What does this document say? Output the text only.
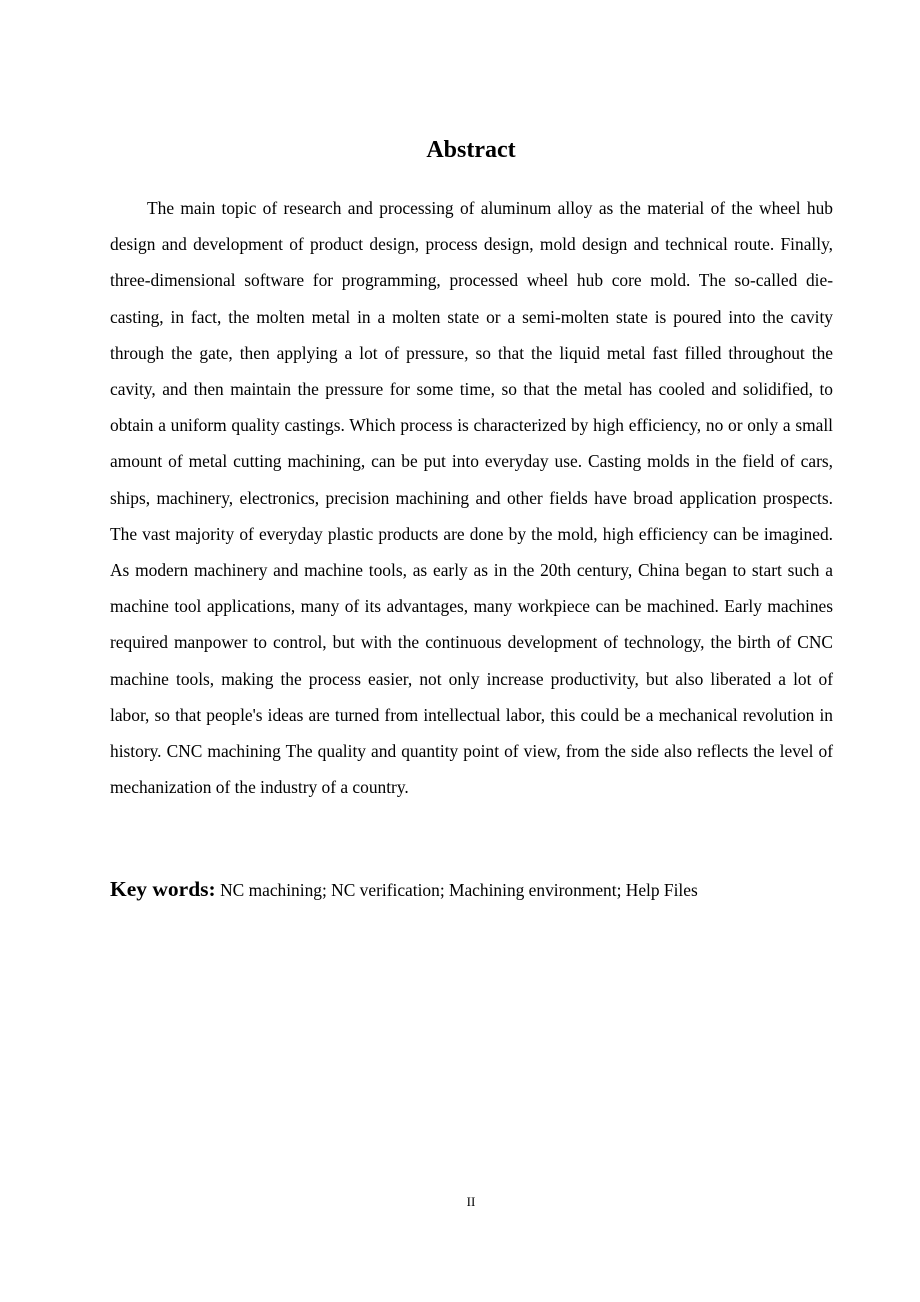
Abstract

The main topic of research and processing of aluminum alloy as the material of the wheel hub design and development of product design, process design, mold design and technical route. Finally, three-dimensional software for programming, processed wheel hub core mold. The so-called die-casting, in fact, the molten metal in a molten state or a semi-molten state is poured into the cavity through the gate, then applying a lot of pressure, so that the liquid metal fast filled throughout the cavity, and then maintain the pressure for some time, so that the metal has cooled and solidified, to obtain a uniform quality castings. Which process is characterized by high efficiency, no or only a small amount of metal cutting machining, can be put into everyday use. Casting molds in the field of cars, ships, machinery, electronics, precision machining and other fields have broad application prospects. The vast majority of everyday plastic products are done by the mold, high efficiency can be imagined. As modern machinery and machine tools, as early as in the 20th century, China began to start such a machine tool applications, many of its advantages, many workpiece can be machined. Early machines required manpower to control, but with the continuous development of technology, the birth of CNC machine tools, making the process easier, not only increase productivity, but also liberated a lot of labor, so that people's ideas are turned from intellectual labor, this could be a mechanical revolution in history. CNC machining The quality and quantity point of view, from the side also reflects the level of mechanization of the industry of a country.

Key words: NC machining; NC verification; Machining environment; Help Files

II
